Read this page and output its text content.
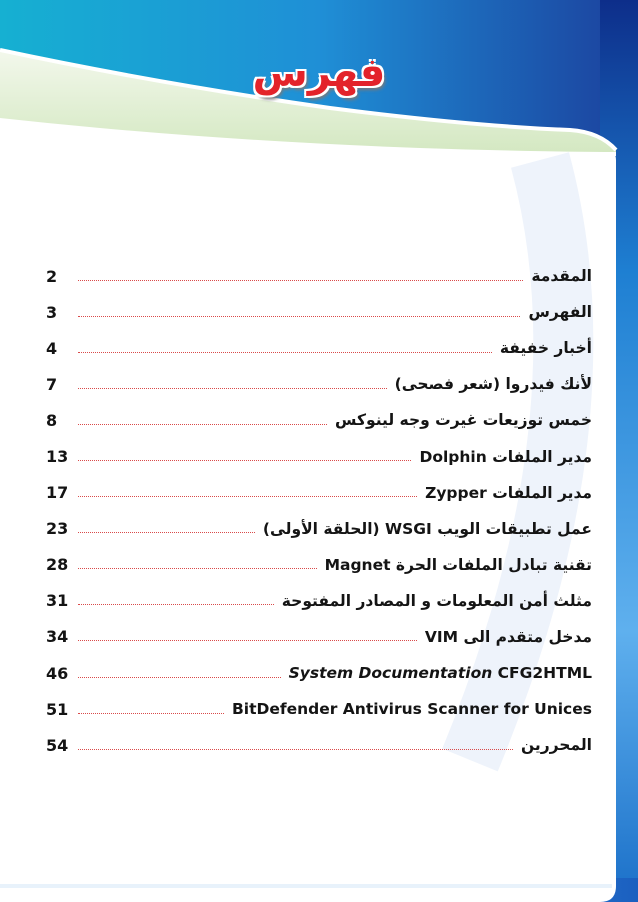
فهرس
المقدمة
2
الفهرس
3
أخبار خفيفة
4
لأنك فيدروا (شعر فصحى)
7
خمس توزيعات غيرت وجه لينوكس
8
مدير الملفات Dolphin
13
مدير الملفات Zypper
17
عمل تطبيقات الويب WSGI (الحلقة الأولى)
23
تقنية تبادل الملفات الحرة Magnet
28
مثلث أمن المعلومات و المصادر المفتوحة
31
مدخل متقدم الى VIM
34
System Documentation CFG2HTML
46
BitDefender Antivirus Scanner for Unices
51
المحررين
54
